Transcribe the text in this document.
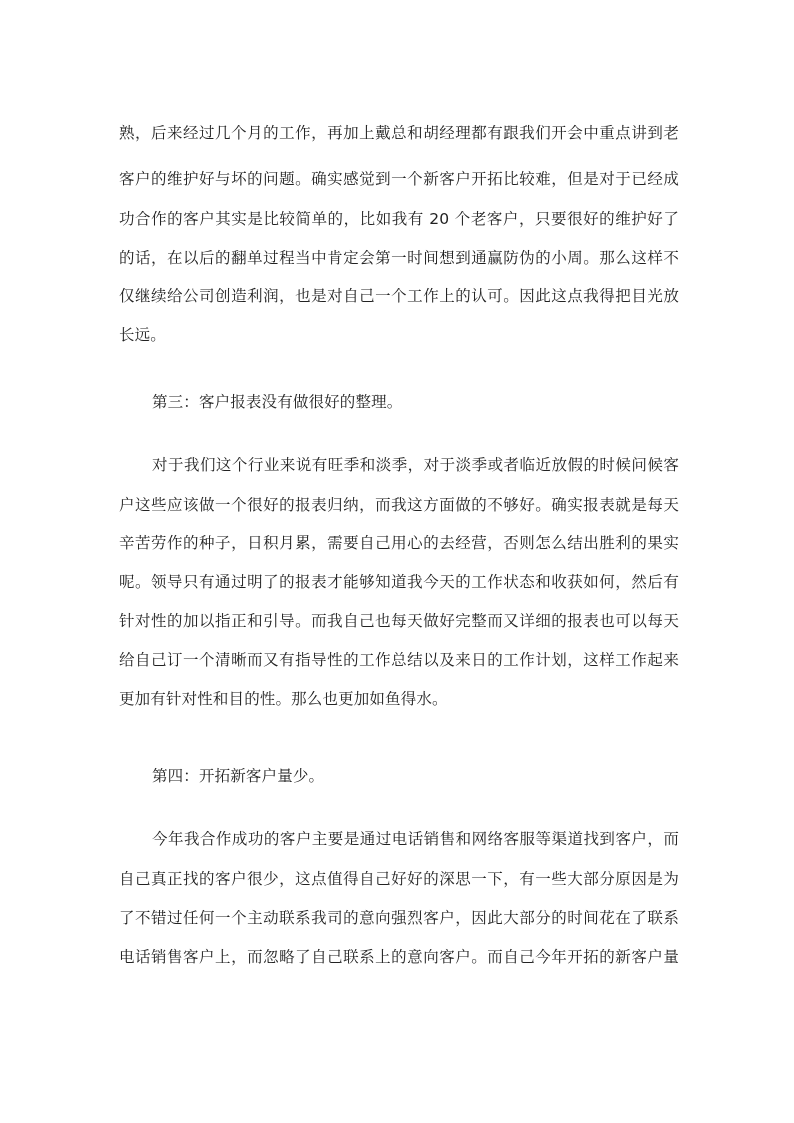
熟，后来经过几个月的工作，再加上戴总和胡经理都有跟我们开会中重点讲到老

客户的维护好与坏的问题。确实感觉到一个新客户开拓比较难，但是对于已经成

功合作的客户其实是比较简单的，比如我有 20 个老客户，只要很好的维护好了

的话，在以后的翻单过程当中肯定会第一时间想到通赢防伪的小周。那么这样不

仅继续给公司创造利润，也是对自己一个工作上的认可。因此这点我得把目光放

长远。

第三：客户报表没有做很好的整理。

对于我们这个行业来说有旺季和淡季，对于淡季或者临近放假的时候问候客

户这些应该做一个很好的报表归纳，而我这方面做的不够好。确实报表就是每天

辛苦劳作的种子，日积月累，需要自己用心的去经营，否则怎么结出胜利的果实

呢。领导只有通过明了的报表才能够知道我今天的工作状态和收获如何，然后有

针对性的加以指正和引导。而我自己也每天做好完整而又详细的报表也可以每天

给自己订一个清晰而又有指导性的工作总结以及来日的工作计划，这样工作起来

更加有针对性和目的性。那么也更加如鱼得水。

第四：开拓新客户量少。

今年我合作成功的客户主要是通过电话销售和网络客服等渠道找到客户，而

自己真正找的客户很少，这点值得自己好好的深思一下，有一些大部分原因是为

了不错过任何一个主动联系我司的意向强烈客户，因此大部分的时间花在了联系

电话销售客户上，而忽略了自己联系上的意向客户。而自己今年开拓的新客户量
